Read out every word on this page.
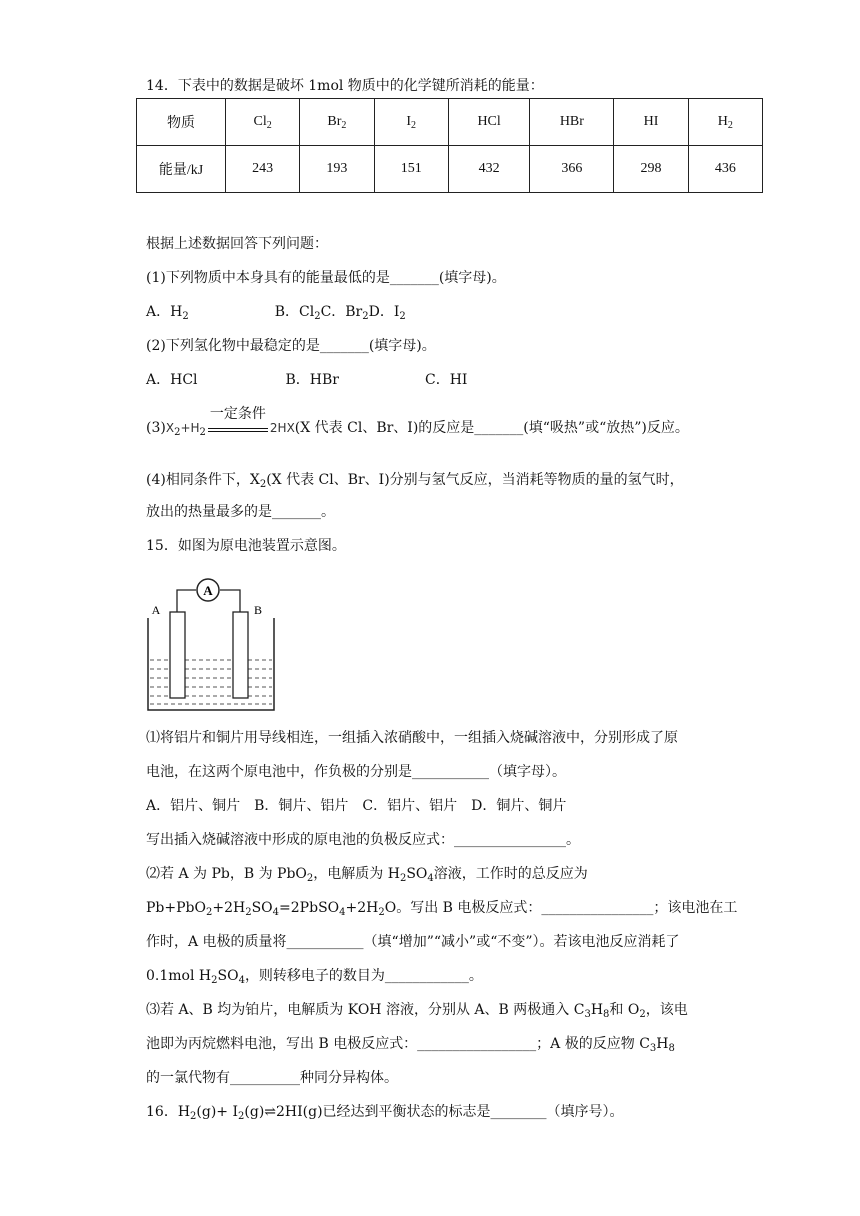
14．下表中的数据是破坏 1mol 物质中的化学键所消耗的能量：
物质	$Cl_2$	$Br_2$	$I_2$	HCl	HBr	HI	$H_2$
能量/kJ	243	193	151	432	366	298	436
根据上述数据回答下列问题：
(1)下列物质中本身具有的能量最低的是_______(填字母)。
A．$H_2$	B．$Cl_2C$．$Br_2D$．$I_2$
(2)下列氢化物中最稳定的是_______(填字母)。
A．HCl	B．HBr	C．HI
$(3)X_2+H_2$
一定条件
2HX(X 代表 Cl、Br、I)的反应是_______(填“吸热”或“放热”)反应。
(4)相同条件下，$X_2(X$ 代表 Cl、Br、I)分别与氢气反应，当消耗等物质的量的氢气时，
放出的热量最多的是_______。
15．如图为原电池装置示意图。
A
A	B
⑴将铝片和铜片用导线相连，一组插入浓硝酸中，一组插入烧碱溶液中，分别形成了原
电池，在这两个原电池中，作负极的分别是___________（填字母）。
A．铝片、铜片　B．铜片、铝片　C．铝片、铝片　D．铜片、铜片
写出插入烧碱溶液中形成的原电池的负极反应式：________________。
⑵若 A 为 Pb，B 为 PbO$_2$，电解质为 $H_2SO_4$溶液，工作时的总反应为
$Pb+PbO_2+2H_2SO_4=2PbSO_4+2H_2O$。写出 B 电极反应式：________________；该电池在工
作时，A 电极的质量将___________（填“增加”“减小”或“不变”）。若该电池反应消耗了
0.1mol $H_2SO_4$，则转移电子的数目为____________。
⑶若 A、B 均为铂片，电解质为 KOH 溶液，分别从 A、B 两极通入 $C_3H_8$和 $O_2$，该电
池即为丙烷燃料电池，写出 B 电极反应式：_________________；A 极的反应物 $C_3H_8$
的一氯代物有__________种同分异构体。
16．$H_2(g)+$ $I_2(g)\rightleftharpoons 2HI(g)$已经达到平衡状态的标志是________（填序号）。
